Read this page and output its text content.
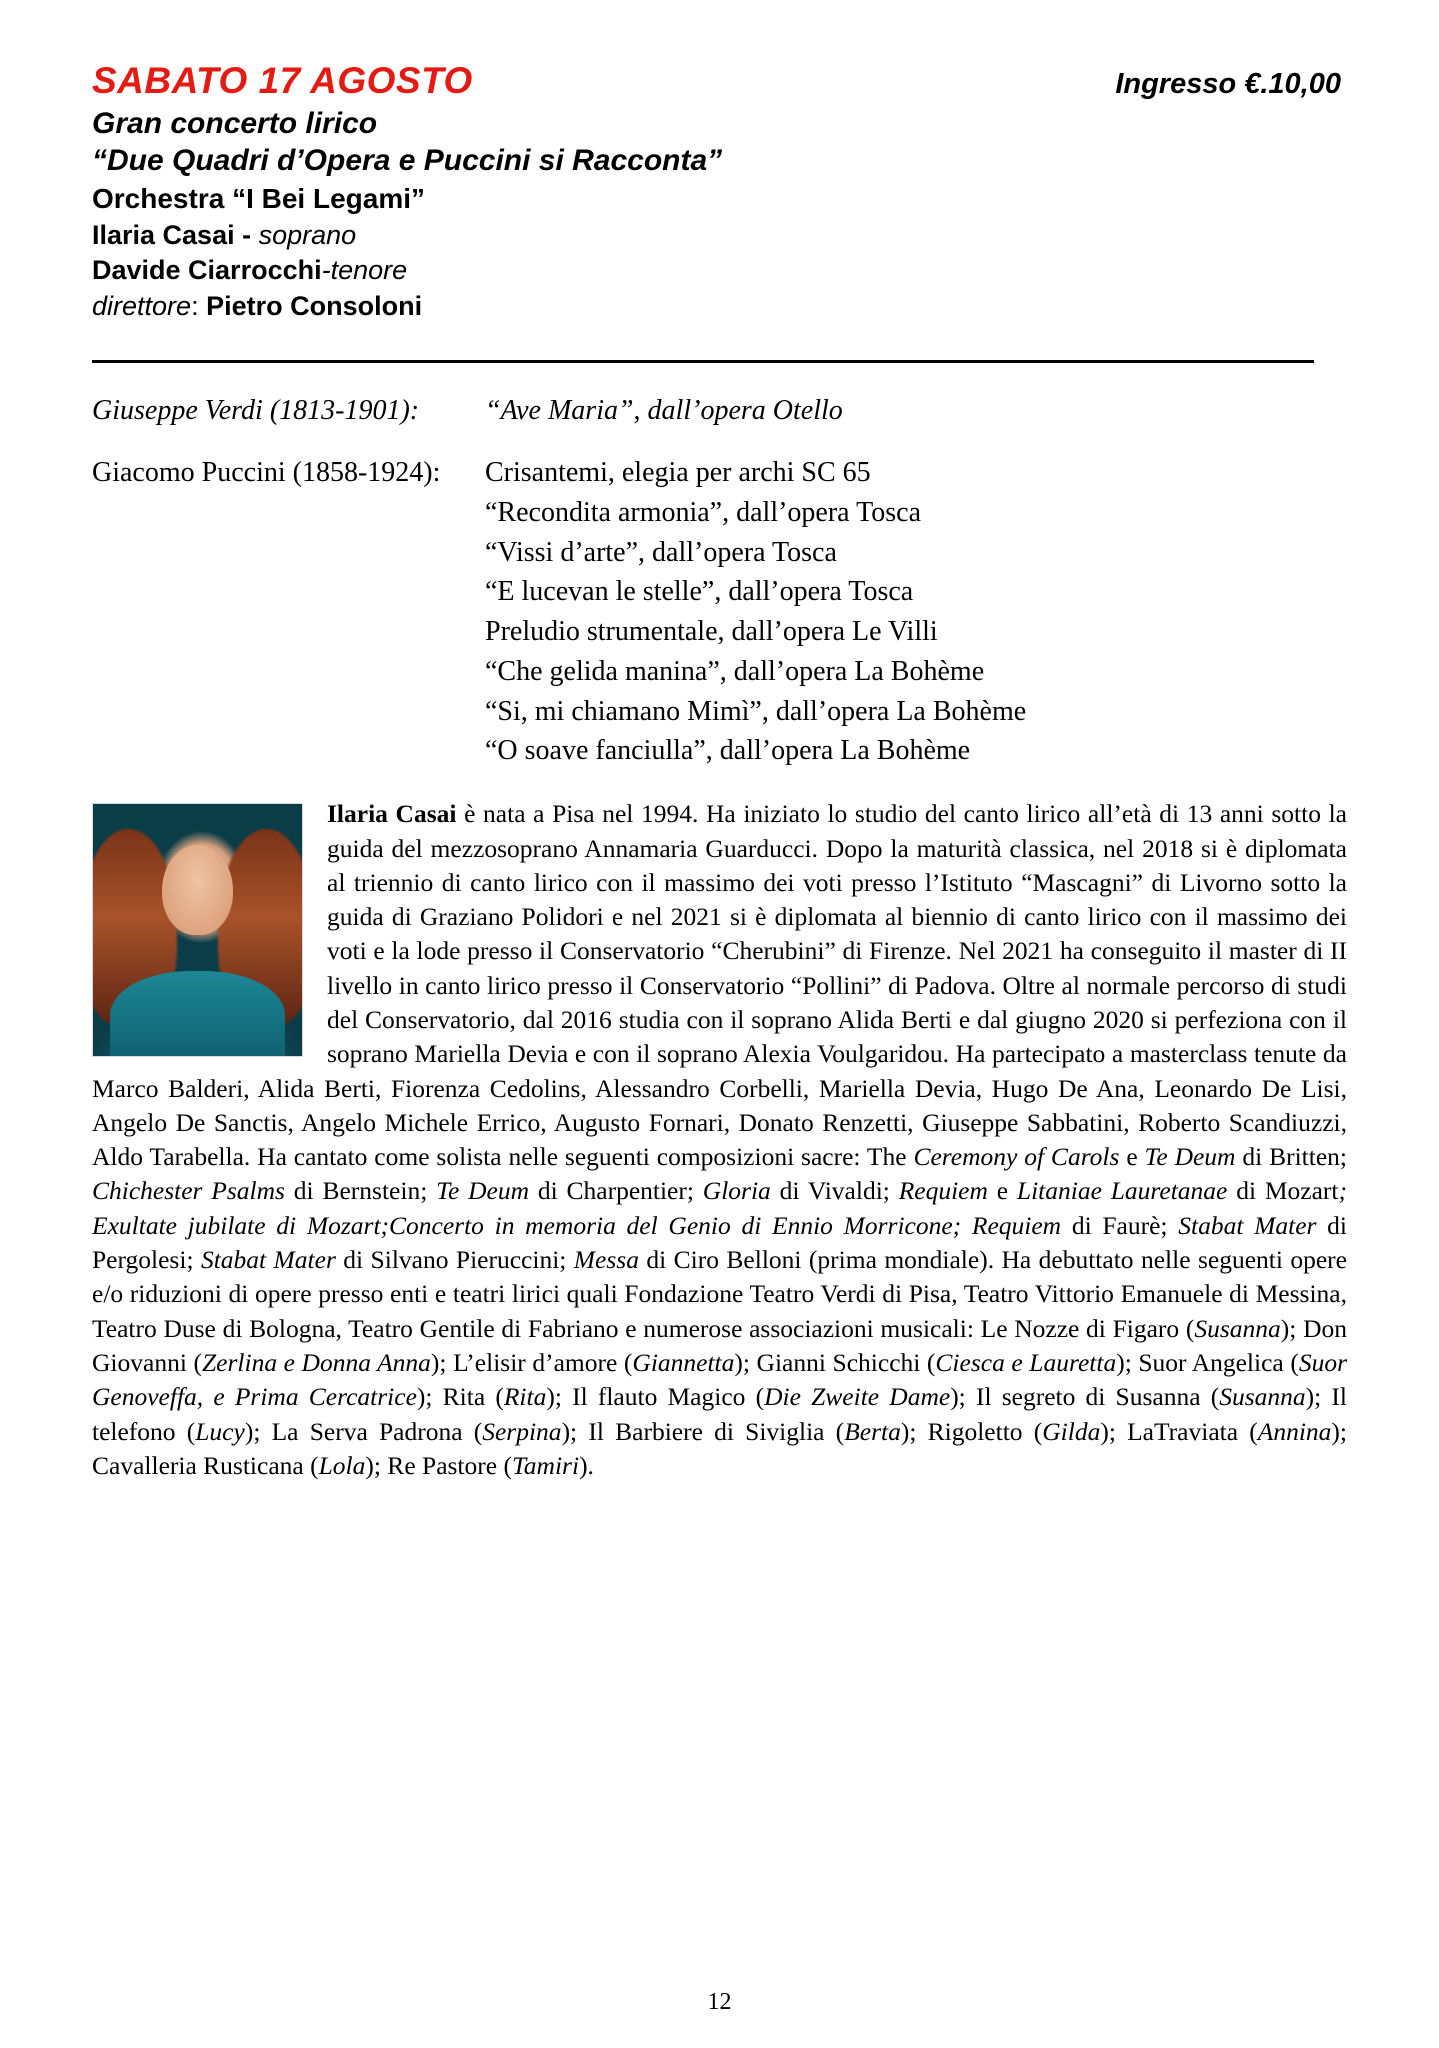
SABATO 17 AGOSTO	Ingresso €.10,00
Gran concerto lirico
“Due Quadri d’Opera e Puccini si Racconta”
Orchestra “I Bei Legami”
Ilaria Casai - soprano
Davide Ciarrocchi-tenore
direttore: Pietro Consoloni
Giuseppe Verdi (1813-1901):	“Ave Maria”, dall’opera Otello
Giacomo Puccini (1858-1924):	Crisantemi, elegia per archi SC 65
“Recondita armonia”, dall’opera Tosca
“Vissi d’arte”, dall’opera Tosca
“E lucevan le stelle”, dall’opera Tosca
Preludio strumentale, dall’opera Le Villi
“Che gelida manina”, dall’opera La Bohème
“Si, mi chiamano Mimì”, dall’opera La Bohème
“O soave fanciulla”, dall’opera La Bohème
Ilaria Casai è nata a Pisa nel 1994. Ha iniziato lo studio del canto lirico all’età di 13 anni sotto la guida del mezzosoprano Annamaria Guarducci. Dopo la maturità classica, nel 2018 si è diplomata al triennio di canto lirico con il massimo dei voti presso l’Istituto “Mascagni” di Livorno sotto la guida di Graziano Polidori e nel 2021 si è diplomata al biennio di canto lirico con il massimo dei voti e la lode presso il Conservatorio “Cherubini” di Firenze. Nel 2021 ha conseguito il master di II livello in canto lirico presso il Conservatorio “Pollini” di Padova. Oltre al normale percorso di studi del Conservatorio, dal 2016 studia con il soprano Alida Berti e dal giugno 2020 si perfeziona con il soprano Mariella Devia e con il soprano Alexia Voulgaridou. Ha partecipato a masterclass tenute da Marco Balderi, Alida Berti, Fiorenza Cedolins, Alessandro Corbelli, Mariella Devia, Hugo De Ana, Leonardo De Lisi, Angelo De Sanctis, Angelo Michele Errico, Augusto Fornari, Donato Renzetti, Giuseppe Sabbatini, Roberto Scandiuzzi, Aldo Tarabella. Ha cantato come solista nelle seguenti composizioni sacre: The Ceremony of Carols e Te Deum di Britten; Chichester Psalms di Bernstein; Te Deum di Charpentier; Gloria di Vivaldi; Requiem e Litaniae Lauretanae di Mozart; Exultate jubilate di Mozart;Concerto in memoria del Genio di Ennio Morricone; Requiem di Faurè; Stabat Mater di Pergolesi; Stabat Mater di Silvano Pieruccini; Messa di Ciro Belloni (prima mondiale). Ha debuttato nelle seguenti opere e/o riduzioni di opere presso enti e teatri lirici quali Fondazione Teatro Verdi di Pisa, Teatro Vittorio Emanuele di Messina, Teatro Duse di Bologna, Teatro Gentile di Fabriano e numerose associazioni musicali: Le Nozze di Figaro (Susanna); Don Giovanni (Zerlina e Donna Anna); L’elisir d’amore (Giannetta); Gianni Schicchi (Ciesca e Lauretta); Suor Angelica (Suor Genoveffa, e Prima Cercatrice); Rita (Rita); Il flauto Magico (Die Zweite Dame); Il segreto di Susanna (Susanna); Il telefono (Lucy); La Serva Padrona (Serpina); Il Barbiere di Siviglia (Berta); Rigoletto (Gilda); LaTraviata (Annina); Cavalleria Rusticana (Lola); Re Pastore (Tamiri).
12
